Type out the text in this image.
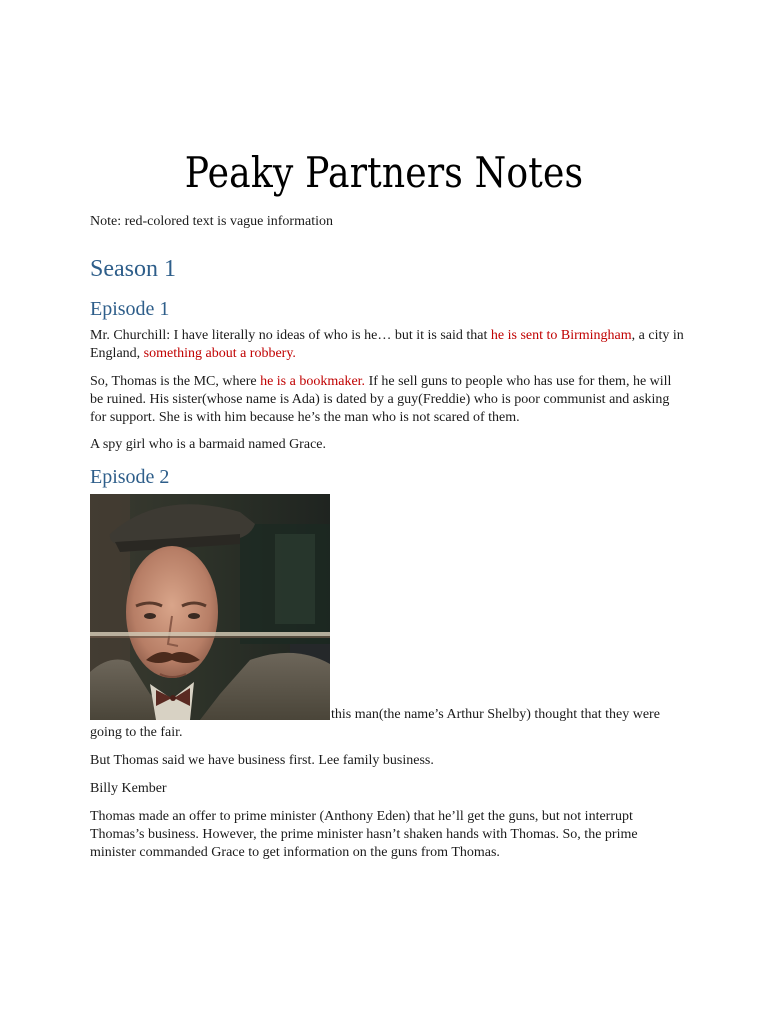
Peaky Partners Notes
Note: red-colored text is vague information
Season 1
Episode 1
Mr. Churchill: I have literally no ideas of who is he… but it is said that he is sent to Birmingham, a city in England, something about a robbery.
So, Thomas is the MC, where he is a bookmaker. If he sell guns to people who has use for them, he will be ruined. His sister(whose name is Ada) is dated by a guy(Freddie) who is poor communist and asking for support. She is with him because he’s the man who is not scared of them.
A spy girl who is a barmaid named Grace.
Episode 2
this man(the name’s Arthur Shelby) thought that they were
going to the fair.
But Thomas said we have business first. Lee family business.
Billy Kember
Thomas made an offer to prime minister (Anthony Eden) that he’ll get the guns, but not interrupt Thomas’s business. However, the prime minister hasn’t shaken hands with Thomas. So, the prime minister commanded Grace to get information on the guns from Thomas.
